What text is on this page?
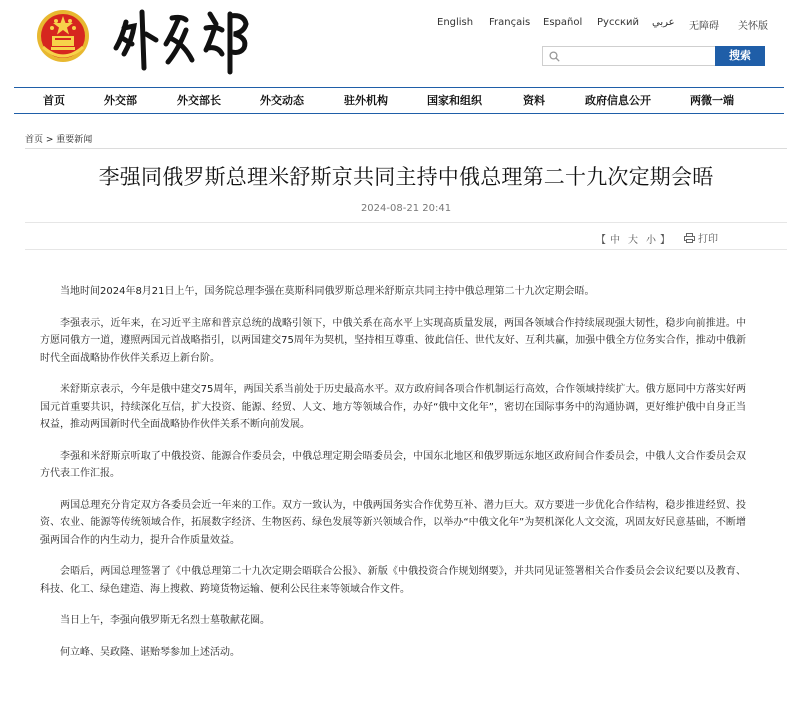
English Français Español Русский عربي 无障碍 关怀版
搜索
首页	外交部	外交部长	外交动态	驻外机构	国家和组织	资料	政府信息公开	两微一端
首页 > 重要新闻
李强同俄罗斯总理米舒斯京共同主持中俄总理第二十九次定期会晤
2024-08-21 20:41
【 中 大 小 】	打印

当地时间2024年8月21日上午，国务院总理李强在莫斯科同俄罗斯总理米舒斯京共同主持中俄总理第二十九次定期会晤。

李强表示，近年来，在习近平主席和普京总统的战略引领下，中俄关系在高水平上实现高质量发展，两国各领域合作持续展现强大韧性，稳步向前推进。中方愿同俄方一道，遵照两国元首战略指引，以两国建交75周年为契机，坚持相互尊重、彼此信任、世代友好、互利共赢，加强中俄全方位务实合作，推动中俄新时代全面战略协作伙伴关系迈上新台阶。

米舒斯京表示，今年是俄中建交75周年，两国关系当前处于历史最高水平。双方政府间各项合作机制运行高效，合作领域持续扩大。俄方愿同中方落实好两国元首重要共识，持续深化互信，扩大投资、能源、经贸、人文、地方等领域合作，办好“俄中文化年”，密切在国际事务中的沟通协调，更好维护俄中自身正当权益，推动两国新时代全面战略协作伙伴关系不断向前发展。

李强和米舒斯京听取了中俄投资、能源合作委员会，中俄总理定期会晤委员会，中国东北地区和俄罗斯远东地区政府间合作委员会，中俄人文合作委员会双方代表工作汇报。

两国总理充分肯定双方各委员会近一年来的工作。双方一致认为，中俄两国务实合作优势互补、潜力巨大。双方要进一步优化合作结构，稳步推进经贸、投资、农业、能源等传统领域合作，拓展数字经济、生物医药、绿色发展等新兴领域合作，以举办“中俄文化年”为契机深化人文交流，巩固友好民意基础，不断增强两国合作的内生动力，提升合作质量效益。

会晤后，两国总理签署了《中俄总理第二十九次定期会晤联合公报》、新版《中俄投资合作规划纲要》，并共同见证签署相关合作委员会会议纪要以及教育、科技、化工、绿色建造、海上搜救、跨境货物运输、便利公民往来等领域合作文件。

当日上午，李强向俄罗斯无名烈士墓敬献花圈。

何立峰、吴政隆、谌贻琴参加上述活动。
